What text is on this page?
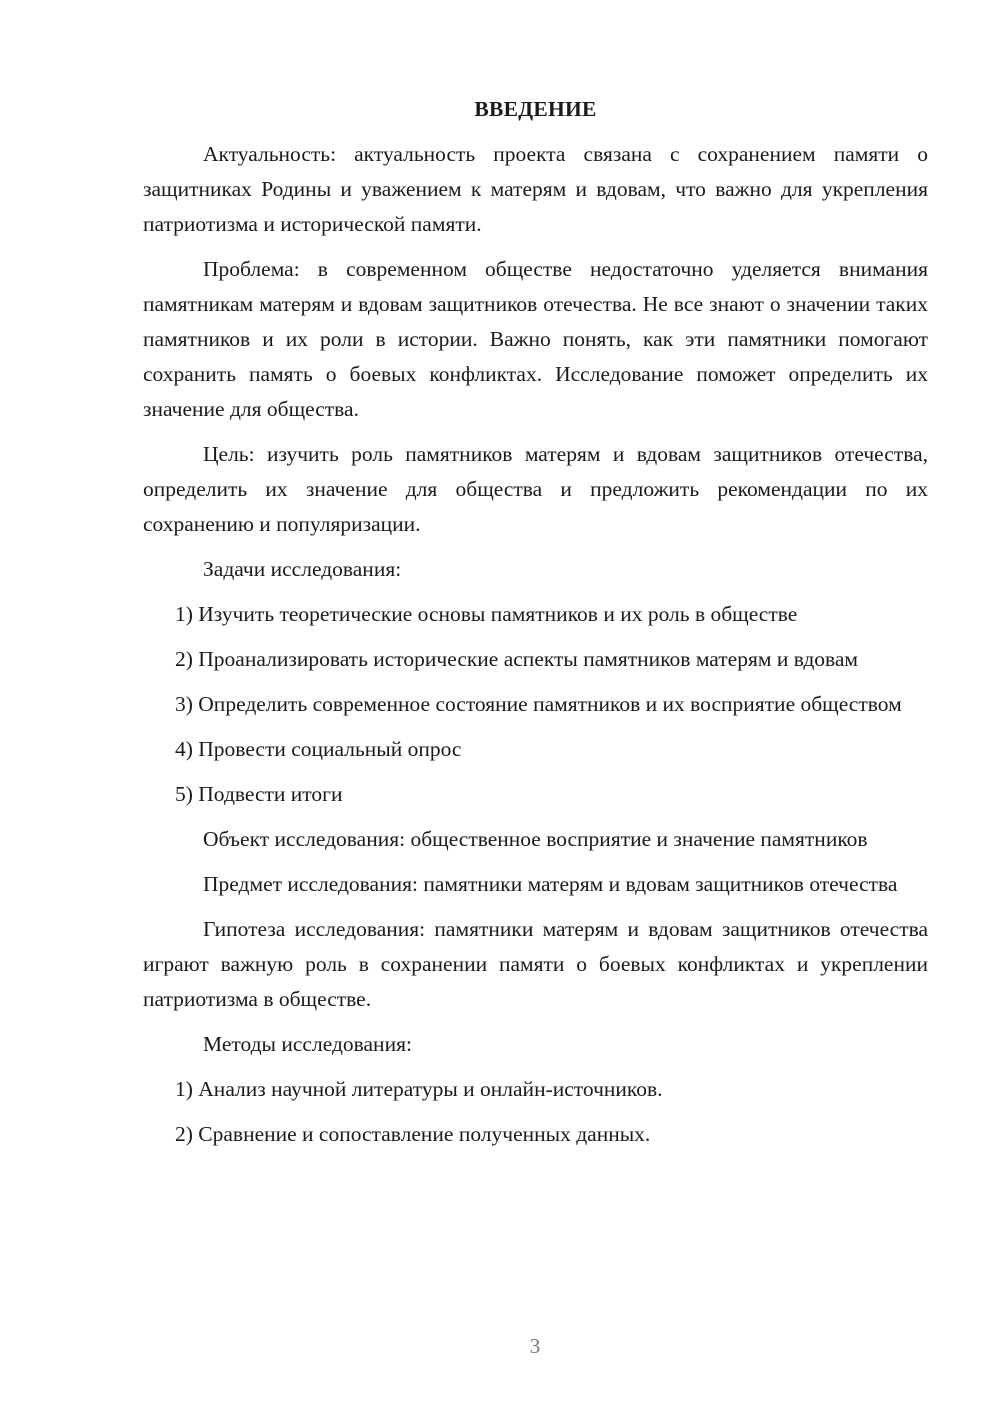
ВВЕДЕНИЕ

Актуальность: актуальность проекта связана с сохранением памяти о защитниках Родины и уважением к матерям и вдовам, что важно для укрепления патриотизма и исторической памяти.

Проблема: в современном обществе недостаточно уделяется внимания памятникам матерям и вдовам защитников отечества. Не все знают о значении таких памятников и их роли в истории. Важно понять, как эти памятники помогают сохранить память о боевых конфликтах. Исследование поможет определить их значение для общества.

Цель: изучить роль памятников матерям и вдовам защитников отечества, определить их значение для общества и предложить рекомендации по их сохранению и популяризации.

Задачи исследования:

1) Изучить теоретические основы памятников и их роль в обществе

2) Проанализировать исторические аспекты памятников матерям и вдовам

3) Определить современное состояние памятников и их восприятие обществом

4) Провести социальный опрос

5) Подвести итоги

Объект исследования: общественное восприятие и значение памятников

Предмет исследования: памятники матерям и вдовам защитников отечества

Гипотеза исследования: памятники матерям и вдовам защитников отечества играют важную роль в сохранении памяти о боевых конфликтах и укреплении патриотизма в обществе.

Методы исследования:

1) Анализ научной литературы и онлайн-источников.

2) Сравнение и сопоставление полученных данных.

3
